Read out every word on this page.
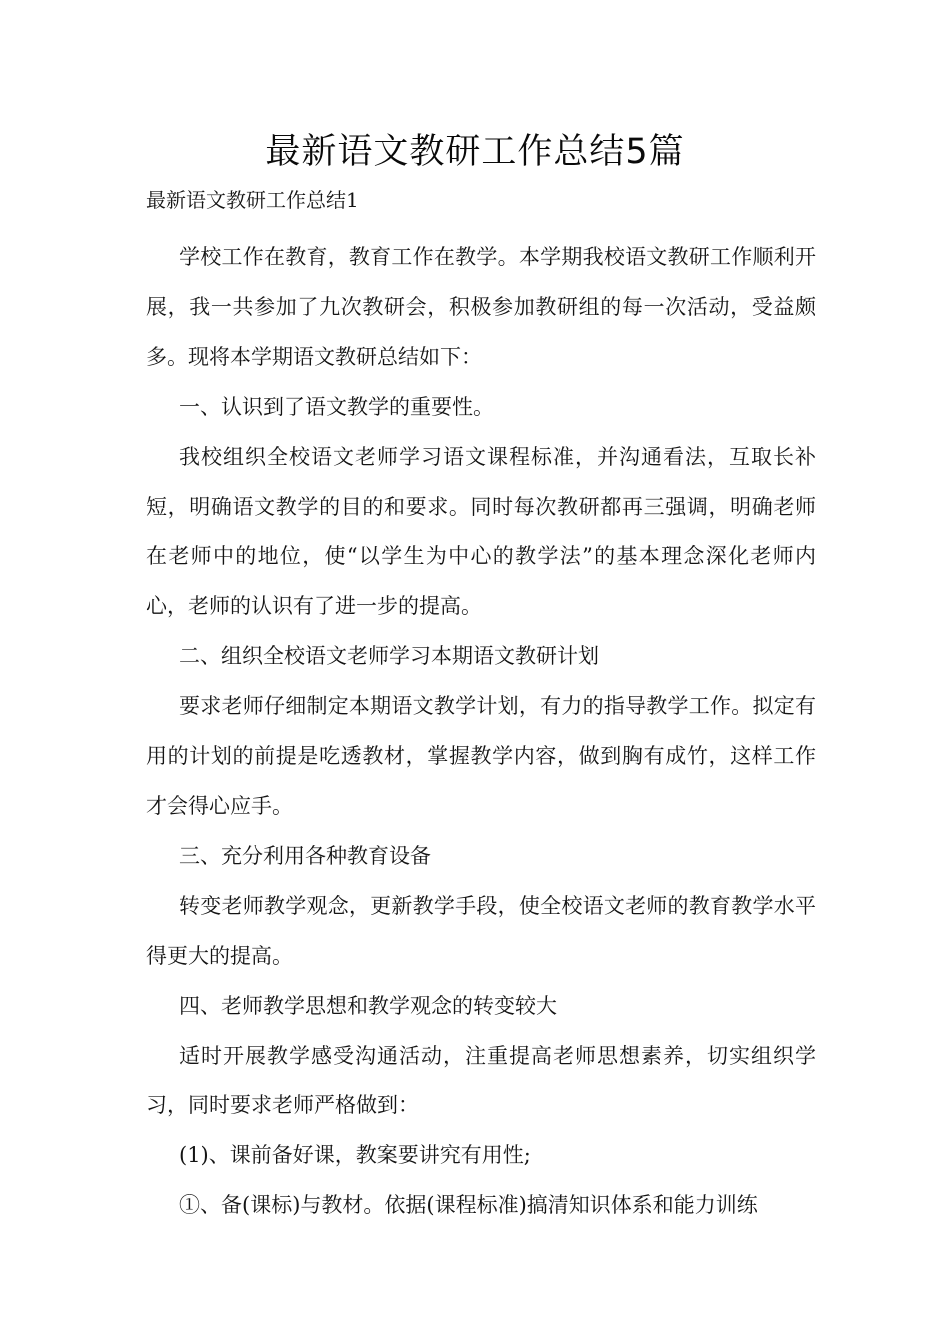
最新语文教研工作总结5篇

最新语文教研工作总结1

学校工作在教育，教育工作在教学。本学期我校语文教研工作顺利开展，我一共参加了九次教研会，积极参加教研组的每一次活动，受益颇多。现将本学期语文教研总结如下：

一、认识到了语文教学的重要性。

我校组织全校语文老师学习语文课程标准，并沟通看法，互取长补短，明确语文教学的目的和要求。同时每次教研都再三强调，明确老师在老师中的地位，使“以学生为中心的教学法”的基本理念深化老师内心，老师的认识有了进一步的提高。

二、组织全校语文老师学习本期语文教研计划

要求老师仔细制定本期语文教学计划，有力的指导教学工作。拟定有用的计划的前提是吃透教材，掌握教学内容，做到胸有成竹，这样工作才会得心应手。

三、充分利用各种教育设备

转变老师教学观念，更新教学手段，使全校语文老师的教育教学水平得更大的提高。

四、老师教学思想和教学观念的转变较大

适时开展教学感受沟通活动，注重提高老师思想素养，切实组织学习，同时要求老师严格做到：

(1)、课前备好课，教案要讲究有用性;

①、备(课标)与教材。依据(课程标准)搞清知识体系和能力训练
